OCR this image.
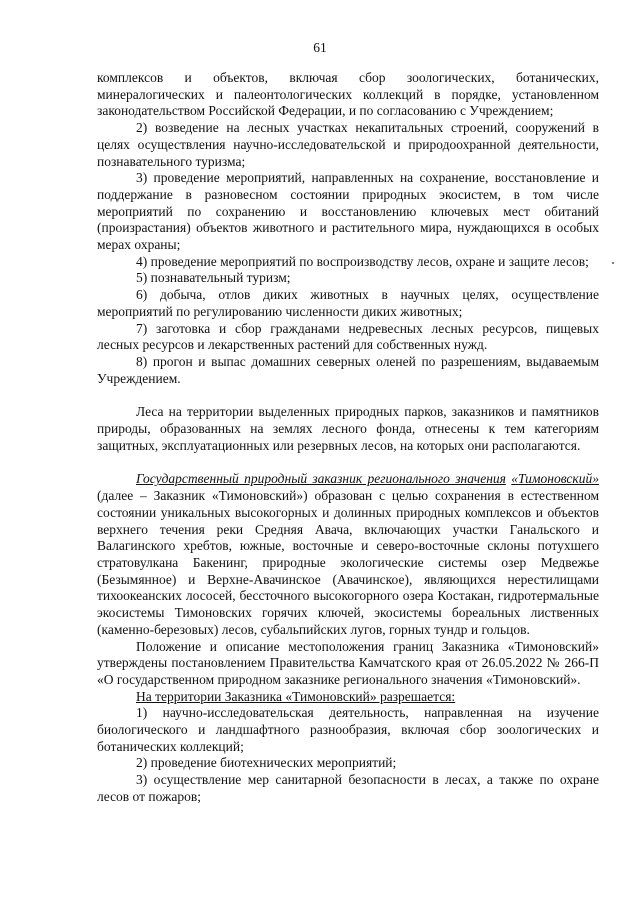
61

комплексов и объектов, включая сбор зоологических, ботанических, минералогических и палеонтологических коллекций в порядке, установленном законодательством Российской Федерации, и по согласованию с Учреждением;

2) возведение на лесных участках некапитальных строений, сооружений в целях осуществления научно-исследовательской и природоохранной деятельности, познавательного туризма;

3) проведение мероприятий, направленных на сохранение, восстановление и поддержание в разновесном состоянии природных экосистем, в том числе мероприятий по сохранению и восстановлению ключевых мест обитаний (произрастания) объектов животного и растительного мира, нуждающихся в особых мерах охраны;

4) проведение мероприятий по воспроизводству лесов, охране и защите лесов;

5) познавательный туризм;

6) добыча, отлов диких животных в научных целях, осуществление мероприятий по регулированию численности диких животных;

7) заготовка и сбор гражданами недревесных лесных ресурсов, пищевых лесных ресурсов и лекарственных растений для собственных нужд.

8) прогон и выпас домашних северных оленей по разрешениям, выдаваемым Учреждением.

Леса на территории выделенных природных парков, заказников и памятников природы, образованных на землях лесного фонда, отнесены к тем категориям защитных, эксплуатационных или резервных лесов, на которых они располагаются.

Государственный природный заказник регионального значения «Тимоновский» (далее – Заказник «Тимоновский») образован с целью сохранения в естественном состоянии уникальных высокогорных и долинных природных комплексов и объектов верхнего течения реки Средняя Авача, включающих участки Ганальского и Валагинского хребтов, южные, восточные и северо-восточные склоны потухшего стратовулкана Бакенинг, природные экологические системы озер Медвежье (Безымянное) и Верхне-Авачинское (Авачинское), являющихся нерестилищами тихоокеанских лососей, бессточного высокогорного озера Костакан, гидротермальные экосистемы Тимоновских горячих ключей, экосистемы бореальных лиственных (каменно-березовых) лесов, субальпийских лугов, горных тундр и гольцов.

Положение и описание местоположения границ Заказника «Тимоновский» утверждены постановлением Правительства Камчатского края от 26.05.2022 № 266-П «О государственном природном заказнике регионального значения «Тимоновский».

На территории Заказника «Тимоновский» разрешается:

1) научно-исследовательская деятельность, направленная на изучение биологического и ландшафтного разнообразия, включая сбор зоологических и ботанических коллекций;

2) проведение биотехнических мероприятий;

3) осуществление мер санитарной безопасности в лесах, а также по охране лесов от пожаров;
